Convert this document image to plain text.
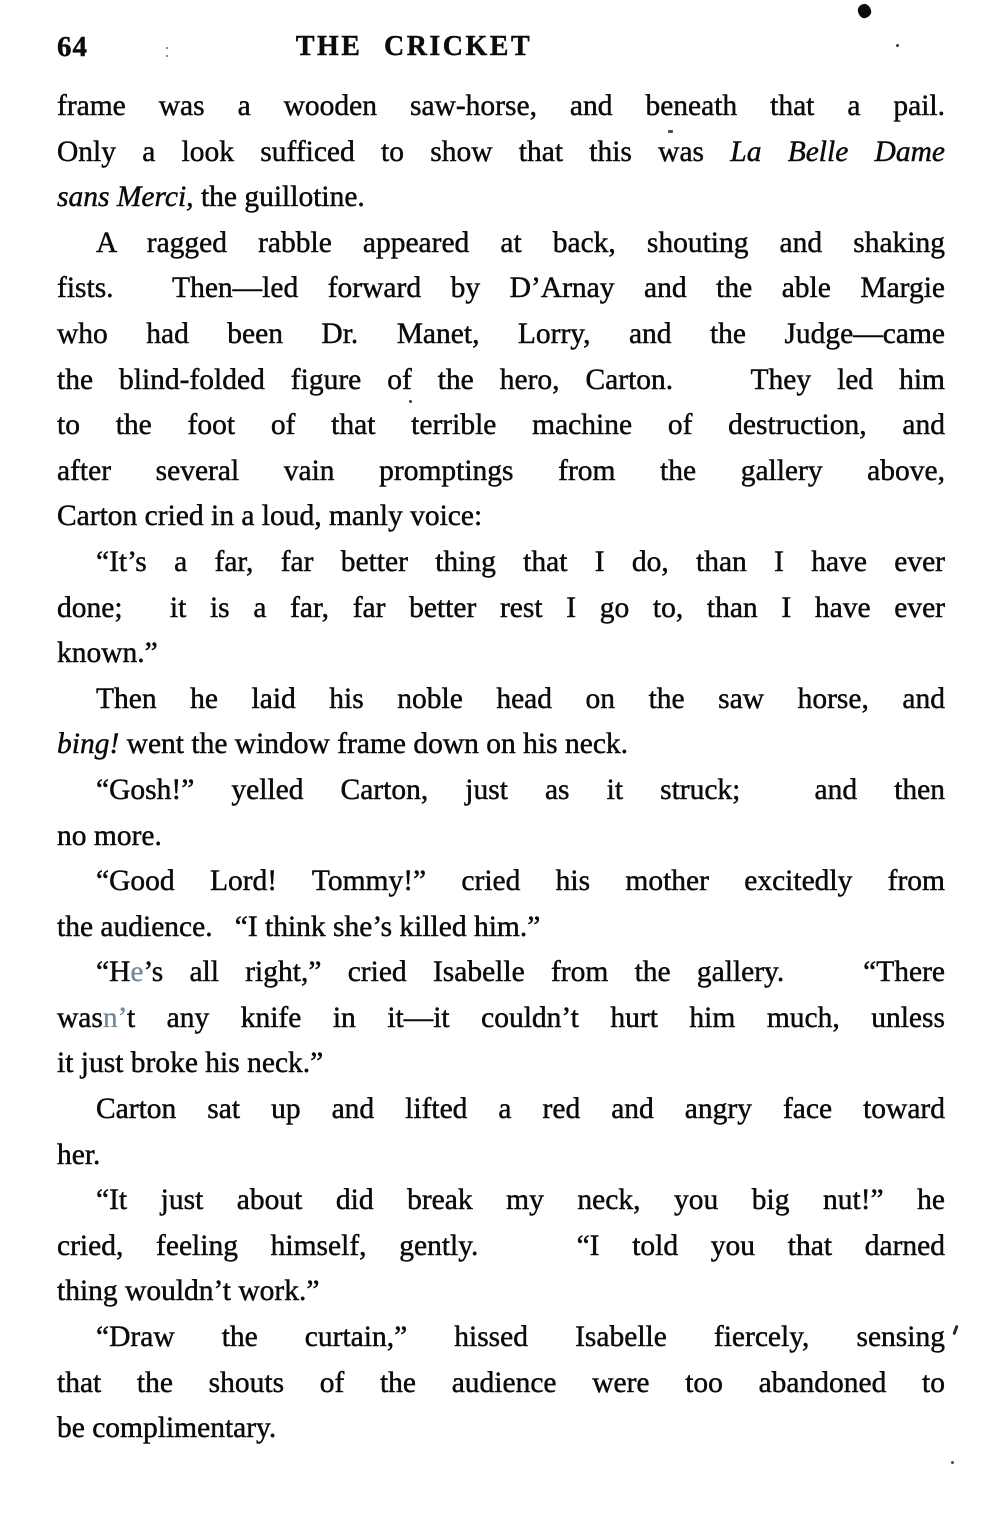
64	THE CRICKET
frame was a wooden saw-horse, and beneath that a pail.
Only a look sufficed to show that this was La Belle Dame
sans Merci, the guillotine.
A ragged rabble appeared at back, shouting and shaking
fists.  Then—led forward by D’Arnay and the able Margie
who had been Dr. Manet, Lorry, and the Judge—came
the blind-folded figure of the hero, Carton.   They led him
to the foot of that terrible machine of destruction, and
after several vain promptings from the gallery above,
Carton cried in a loud, manly voice:
“It’s a far, far better thing that I do, than I have ever
done;  it is a far, far better rest I go to, than I have ever
known.”
Then he laid his noble head on the saw horse, and
bing! went the window frame down on his neck.
“Gosh!” yelled Carton, just as it struck;  and then
no more.
“Good Lord! Tommy!” cried his mother excitedly from
the audience.   “I think she’s killed him.”
“He’s all right,” cried Isabelle from the gallery.   “There
wasn’t any knife in it—it couldn’t hurt him much, unless
it just broke his neck.”
Carton sat up and lifted a red and angry face toward
her.
“It just about did break my neck, you big nut!” he
cried, feeling himself, gently.   “I told you that darned
thing wouldn’t work.”
“Draw the curtain,” hissed Isabelle fiercely, sensing
that the shouts of the audience were too abandoned to
be complimentary.
